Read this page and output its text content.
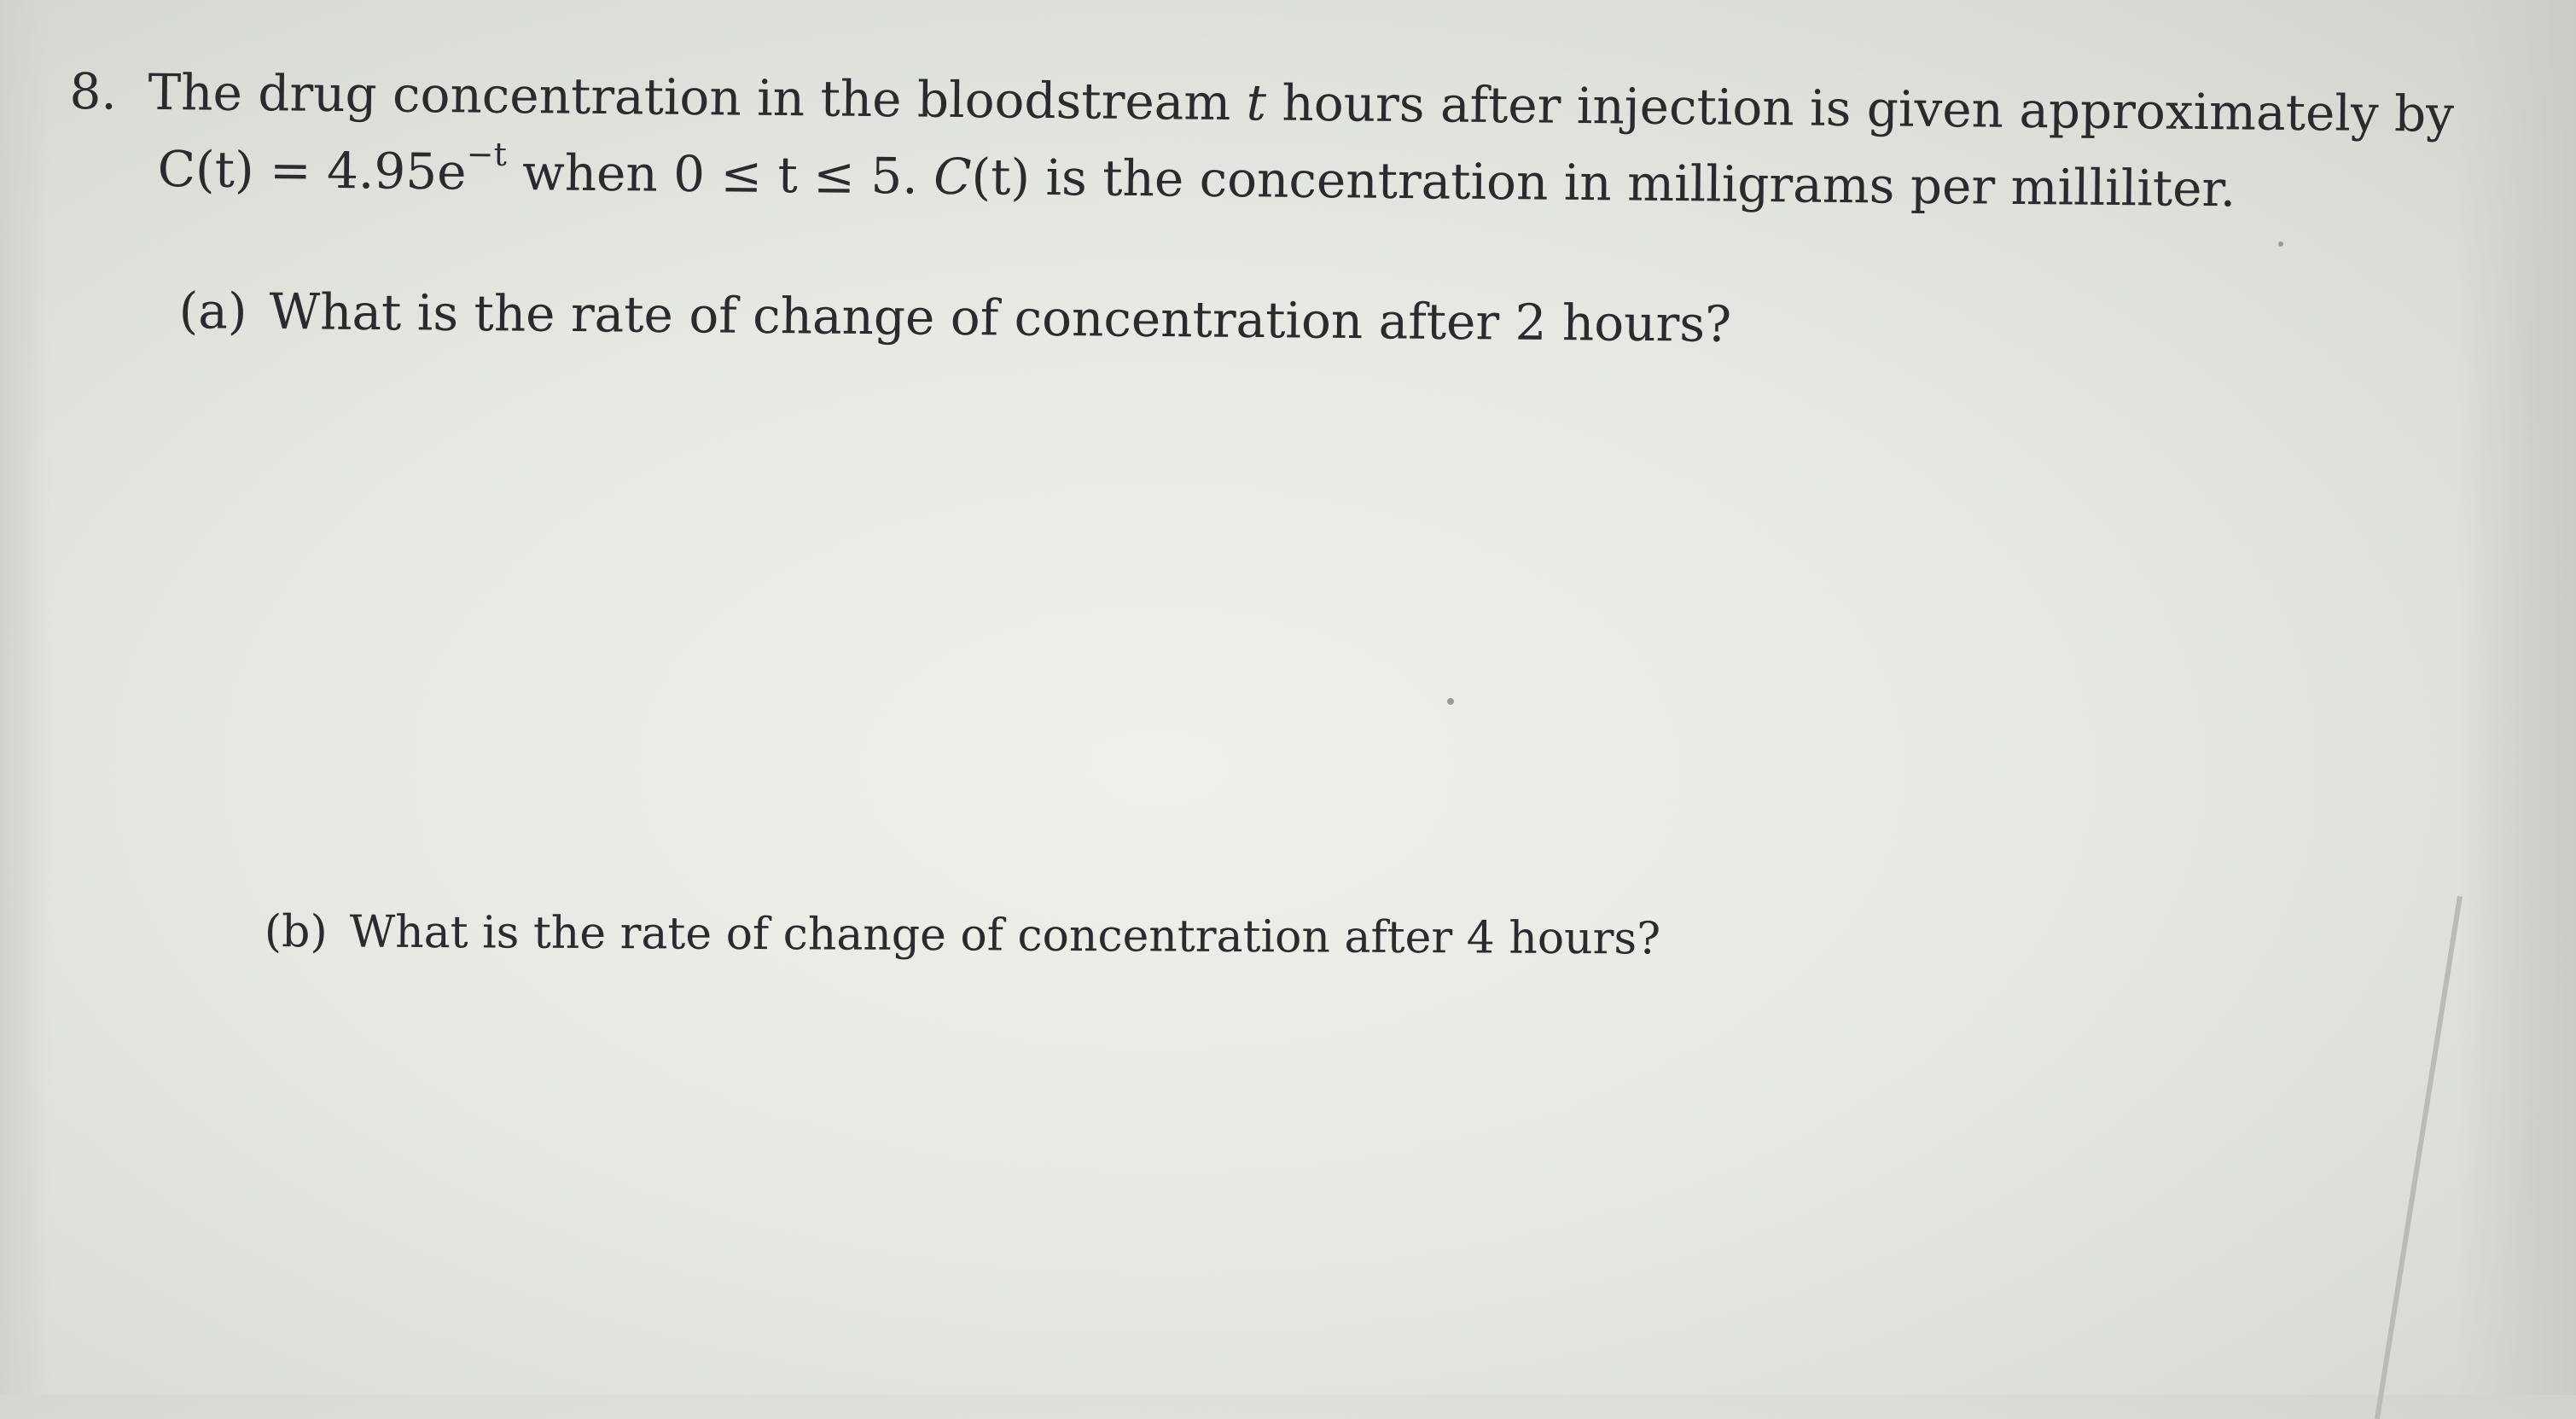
8. The drug concentration in the bloodstream t hours after injection is given approximately by
$C(t) = 4.95e^{-t}$ when 0 ≤ t ≤ 5. C(t) is the concentration in milligrams per milliliter.
(a) What is the rate of change of concentration after 2 hours?
(b) What is the rate of change of concentration after 4 hours?
